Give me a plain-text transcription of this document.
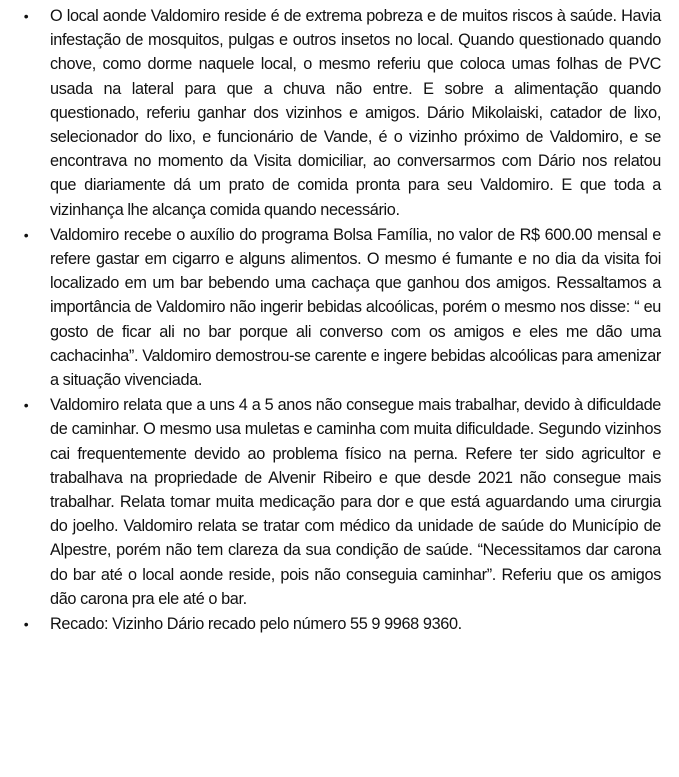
• O local aonde Valdomiro reside é de extrema pobreza e de muitos riscos à saúde. Havia infestação de mosquitos, pulgas e outros insetos no local. Quando questionado quando chove, como dorme naquele local, o mesmo referiu que coloca umas folhas de PVC usada na lateral para que a chuva não entre. E sobre a alimentação quando questionado, referiu ganhar dos vizinhos e amigos. Dário Mikolaiski, catador de lixo, selecionador do lixo, e funcionário de Vande, é o vizinho próximo de Valdomiro, e se encontrava no momento da Visita domiciliar, ao conversarmos com Dário nos relatou que diariamente dá um prato de comida pronta para seu Valdomiro. E que toda a vizinhança lhe alcança comida quando necessário.
• Valdomiro recebe o auxílio do programa Bolsa Família, no valor de R$ 600.00 mensal e refere gastar em cigarro e alguns alimentos. O mesmo é fumante e no dia da visita foi localizado em um bar bebendo uma cachaça que ganhou dos amigos. Ressaltamos a importância de Valdomiro não ingerir bebidas alcoólicas, porém o mesmo nos disse: “ eu gosto de ficar ali no bar porque ali converso com os amigos e eles me dão uma cachacinha”. Valdomiro demostrou-se carente e ingere bebidas alcoólicas para amenizar a situação vivenciada.
• Valdomiro relata que a uns 4 a 5 anos não consegue mais trabalhar, devido à dificuldade de caminhar. O mesmo usa muletas e caminha com muita dificuldade. Segundo vizinhos cai frequentemente devido ao problema físico na perna. Refere ter sido agricultor e trabalhava na propriedade de Alvenir Ribeiro e que desde 2021 não consegue mais trabalhar. Relata tomar muita medicação para dor e que está aguardando uma cirurgia do joelho. Valdomiro relata se tratar com médico da unidade de saúde do Município de Alpestre, porém não tem clareza da sua condição de saúde. “Necessitamos dar carona do bar até o local aonde reside, pois não conseguia caminhar”. Referiu que os amigos dão carona pra ele até o bar.
• Recado: Vizinho Dário recado pelo número 55 9 9968 9360.
